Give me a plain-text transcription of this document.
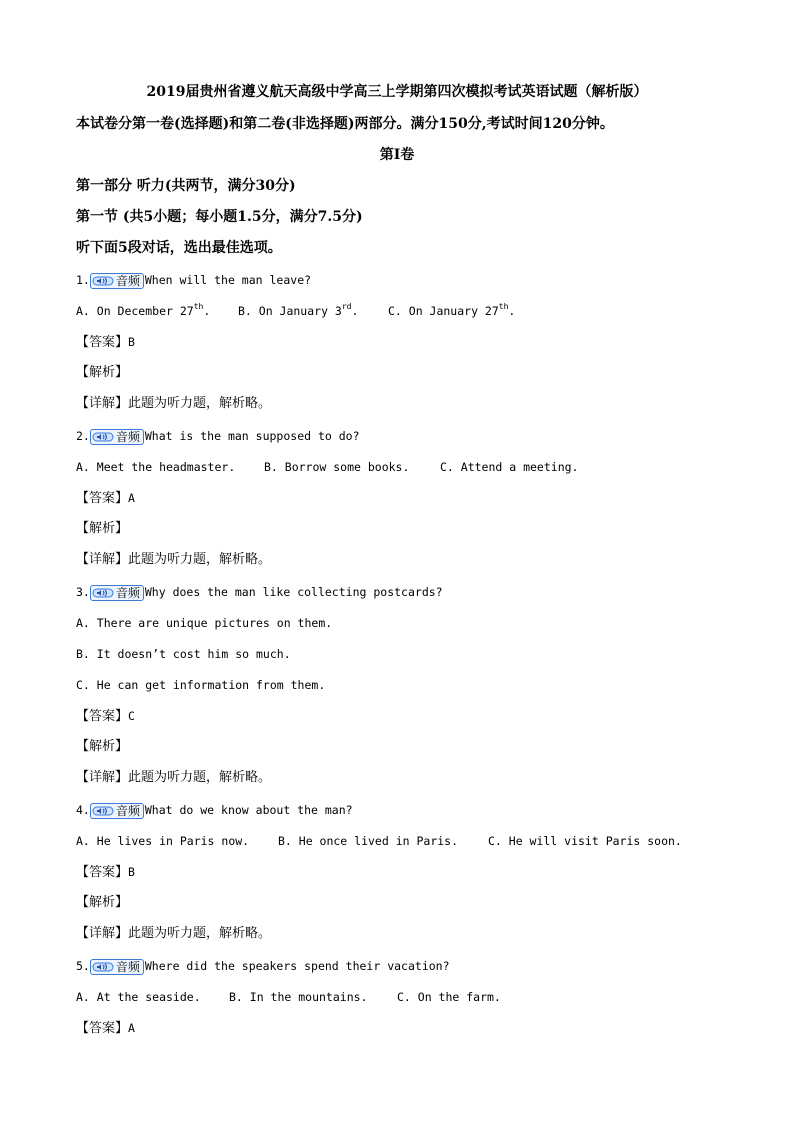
2019届贵州省遵义航天高级中学高三上学期第四次模拟考试英语试题（解析版）
本试卷分第一卷(选择题)和第二卷(非选择题)两部分。满分150分,考试时间120分钟。
第Ⅰ卷
第一部分 听力(共两节，满分30分)
第一节 (共5小题；每小题1.5分，满分7.5分)
听下面5段对话，选出最佳选项。
1. 音频 When will the man leave?
A. On December 27th. B. On January 3rd.	C. On January 27th.
【答案】B
【解析】
【详解】此题为听力题，解析略。
2. 音频 What is the man supposed to do?
A. Meet the headmaster.	B. Borrow some books.	C. Attend a meeting.
【答案】A
【解析】
【详解】此题为听力题，解析略。
3. 音频 Why does the man like collecting postcards?
A. There are unique pictures on them.
B. It doesn’t cost him so much.
C. He can get information from them.
【答案】C
【解析】
【详解】此题为听力题，解析略。
4. 音频 What do we know about the man?
A. He lives in Paris now.	B. He once lived in Paris.	C. He will visit Paris soon.
【答案】B
【解析】
【详解】此题为听力题，解析略。
5. 音频 Where did the speakers spend their vacation?
A. At the seaside. B. In the mountains.	C. On the farm.
【答案】A
